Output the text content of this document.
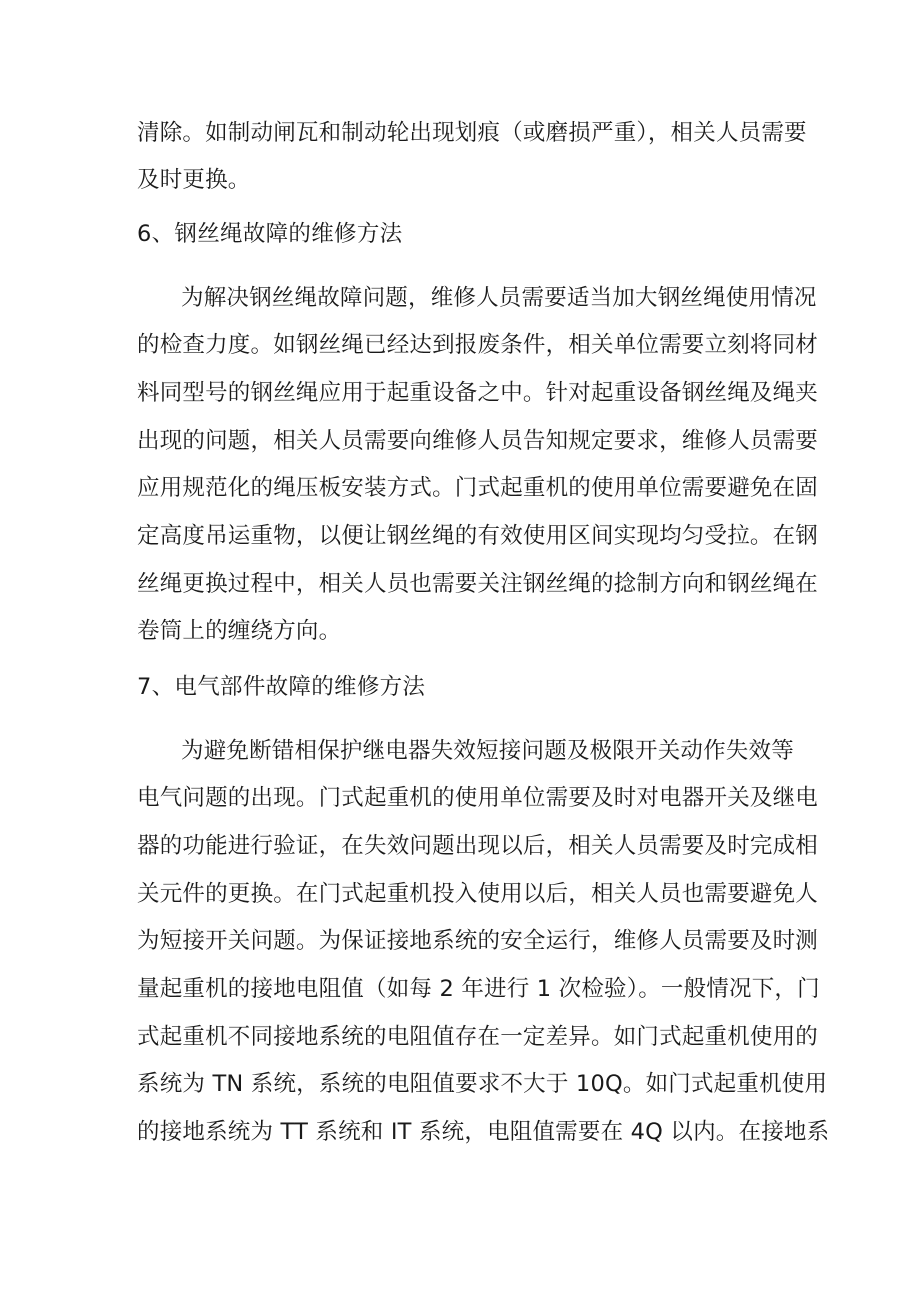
清除。如制动闸瓦和制动轮出现划痕（或磨损严重），相关人员需要
及时更换。
6、钢丝绳故障的维修方法
为解决钢丝绳故障问题，维修人员需要适当加大钢丝绳使用情况
的检查力度。如钢丝绳已经达到报废条件，相关单位需要立刻将同材
料同型号的钢丝绳应用于起重设备之中。针对起重设备钢丝绳及绳夹
出现的问题，相关人员需要向维修人员告知规定要求，维修人员需要
应用规范化的绳压板安装方式。门式起重机的使用单位需要避免在固
定高度吊运重物，以便让钢丝绳的有效使用区间实现均匀受拉。在钢
丝绳更换过程中，相关人员也需要关注钢丝绳的捻制方向和钢丝绳在
卷筒上的缠绕方向。
7、电气部件故障的维修方法
为避免断错相保护继电器失效短接问题及极限开关动作失效等
电气问题的出现。门式起重机的使用单位需要及时对电器开关及继电
器的功能进行验证，在失效问题出现以后，相关人员需要及时完成相
关元件的更换。在门式起重机投入使用以后，相关人员也需要避免人
为短接开关问题。为保证接地系统的安全运行，维修人员需要及时测
量起重机的接地电阻值（如每 2 年进行 1 次检验）。一般情况下，门
式起重机不同接地系统的电阻值存在一定差异。如门式起重机使用的
系统为 TN 系统，系统的电阻值要求不大于 10Q。如门式起重机使用
的接地系统为 TT 系统和 IT 系统，电阻值需要在 4Q 以内。在接地系
